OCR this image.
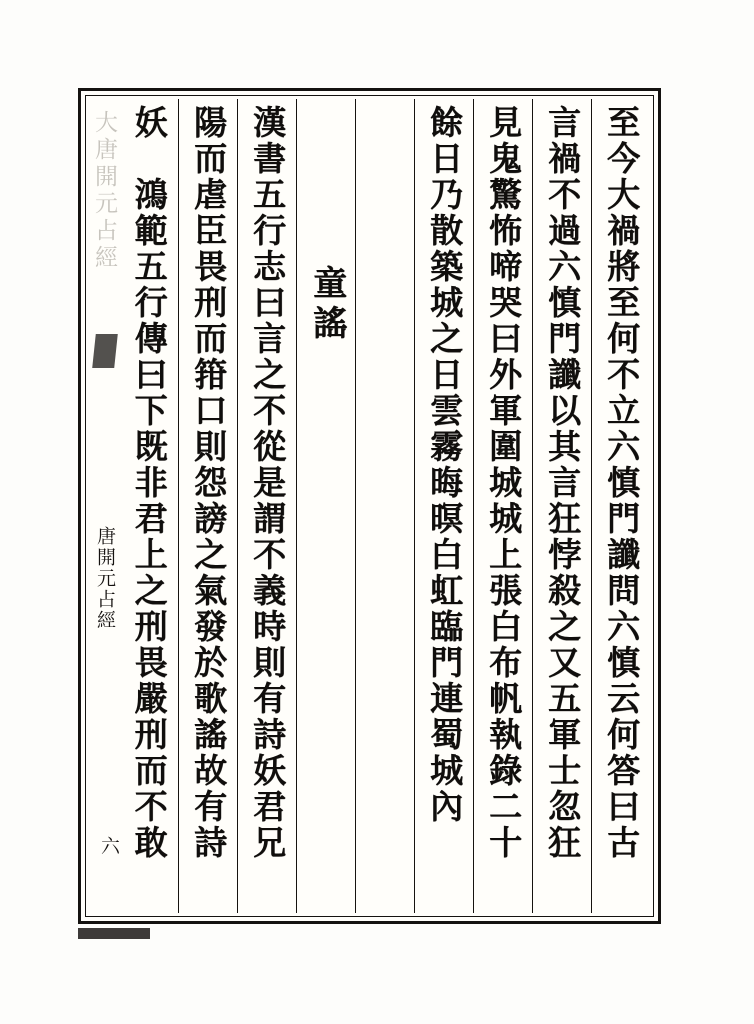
至今大禍將至何不立六慎門讖問六慎云何答曰古
言禍不過六慎門讖以其言狂悖殺之又五軍士忽狂
見鬼驚怖啼哭曰外軍圍城城上張白布帆執錄二十
餘日乃散築城之日雲霧晦暝白虹臨門連蜀城內
童謠
漢書五行志曰言之不從是謂不義時則有詩妖君兄
陽而虐臣畏刑而箝口則怨謗之氣發於歌謠故有詩
妖　鴻範五行傳曰下既非君上之刑畏嚴刑而不敢
大唐開元占經
唐開元占經
六
